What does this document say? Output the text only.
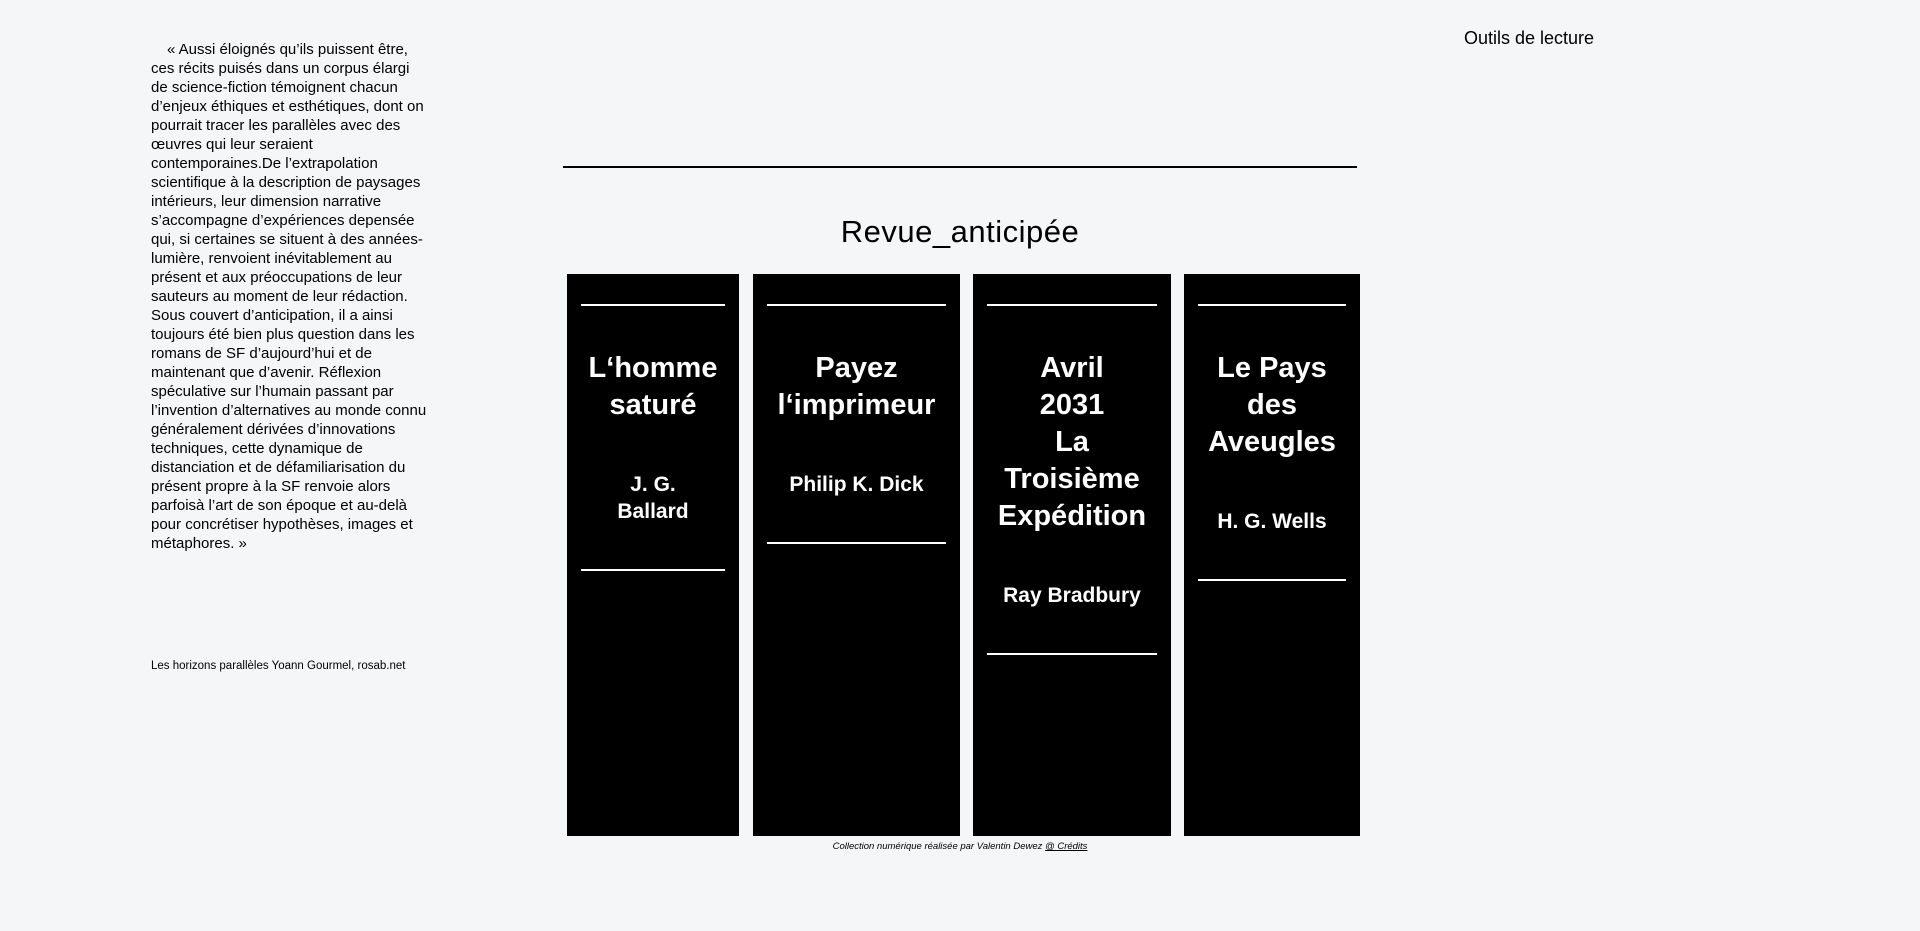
« Aussi éloignés qu’ils puissent être, ces récits puisés dans un corpus élargi de science-fiction témoignent chacun d’enjeux éthiques et esthétiques, dont on pourrait tracer les parallèles avec des œuvres qui leur seraient contemporaines.De l’extrapolation scientifique à la description de paysages intérieurs, leur dimension narrative s’accompagne d’expériences depensée qui, si certaines se situent à des années-lumière, renvoient inévitablement au présent et aux préoccupations de leur sauteurs au moment de leur rédaction. Sous couvert d’anticipation, il a ainsi toujours été bien plus question dans les romans de SF d’aujourd’hui et de maintenant que d’avenir. Réflexion spéculative sur l’humain passant par l’invention d’alternatives au monde connu généralement dérivées d’innovations techniques, cette dynamique de distanciation et de défamiliarisation du présent propre à la SF renvoie alors parfoisà l’art de son époque et au-delà pour concrétiser hypothèses, images et métaphores. »

Les horizons parallèles Yoann Gourmel, rosab.net

Outils de lecture
Revue_anticipée

L‘homme
saturé

J. G.
Ballard

Payez
l‘imprimeur

Philip K. Dick

Avril
2031
La
Troisième
Expédition

Ray Bradbury

Le Pays
des
Aveugles

H. G. Wells

Collection numérique réalisée par Valentin Dewez @ Crédits
